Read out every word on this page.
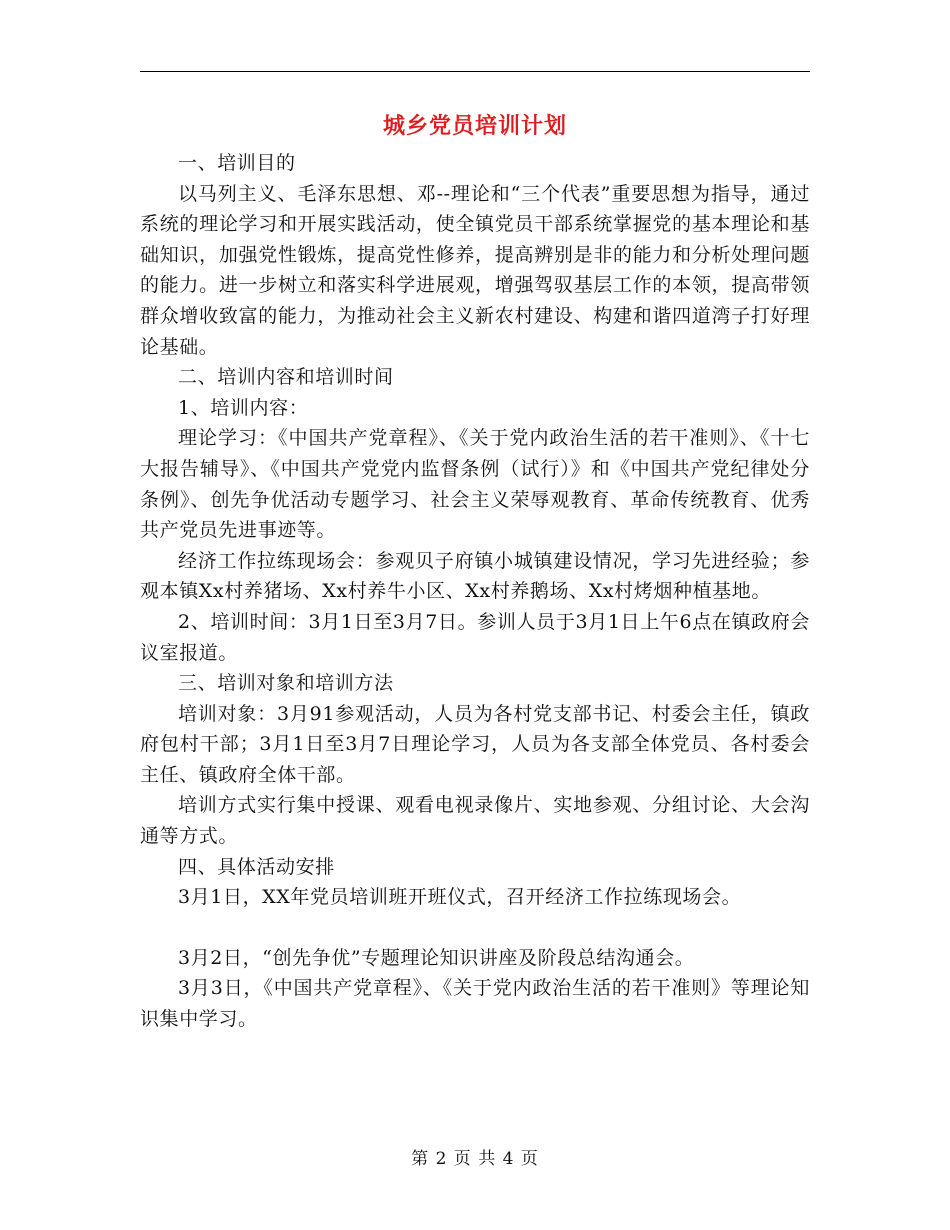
城乡党员培训计划

一、培训目的

以马列主义、毛泽东思想、邓--理论和“三个代表”重要思想为指导，通过系统的理论学习和开展实践活动，使全镇党员干部系统掌握党的基本理论和基础知识，加强党性锻炼，提高党性修养，提高辨别是非的能力和分析处理问题的能力。进一步树立和落实科学进展观，增强驾驭基层工作的本领，提高带领群众增收致富的能力，为推动社会主义新农村建设、构建和谐四道湾子打好理论基础。

二、培训内容和培训时间

1、培训内容：

理论学习：《中国共产党章程》、《关于党内政治生活的若干准则》、《十七大报告辅导》、《中国共产党党内监督条例（试行）》和《中国共产党纪律处分条例》、创先争优活动专题学习、社会主义荣辱观教育、革命传统教育、优秀共产党员先进事迹等。

经济工作拉练现场会：参观贝子府镇小城镇建设情况，学习先进经验；参观本镇Xx村养猪场、Xx村养牛小区、Xx村养鹅场、Xx村烤烟种植基地。

2、培训时间：3月1日至3月7日。参训人员于3月1日上午6点在镇政府会议室报道。

三、培训对象和培训方法

培训对象：3月91参观活动，人员为各村党支部书记、村委会主任，镇政府包村干部；3月1日至3月7日理论学习，人员为各支部全体党员、各村委会主任、镇政府全体干部。

培训方式实行集中授课、观看电视录像片、实地参观、分组讨论、大会沟通等方式。

四、具体活动安排

3月1日，XX年党员培训班开班仪式，召开经济工作拉练现场会。

3月2日，“创先争优”专题理论知识讲座及阶段总结沟通会。

3月3日，《中国共产党章程》、《关于党内政治生活的若干准则》等理论知识集中学习。

第 2 页 共 4 页
